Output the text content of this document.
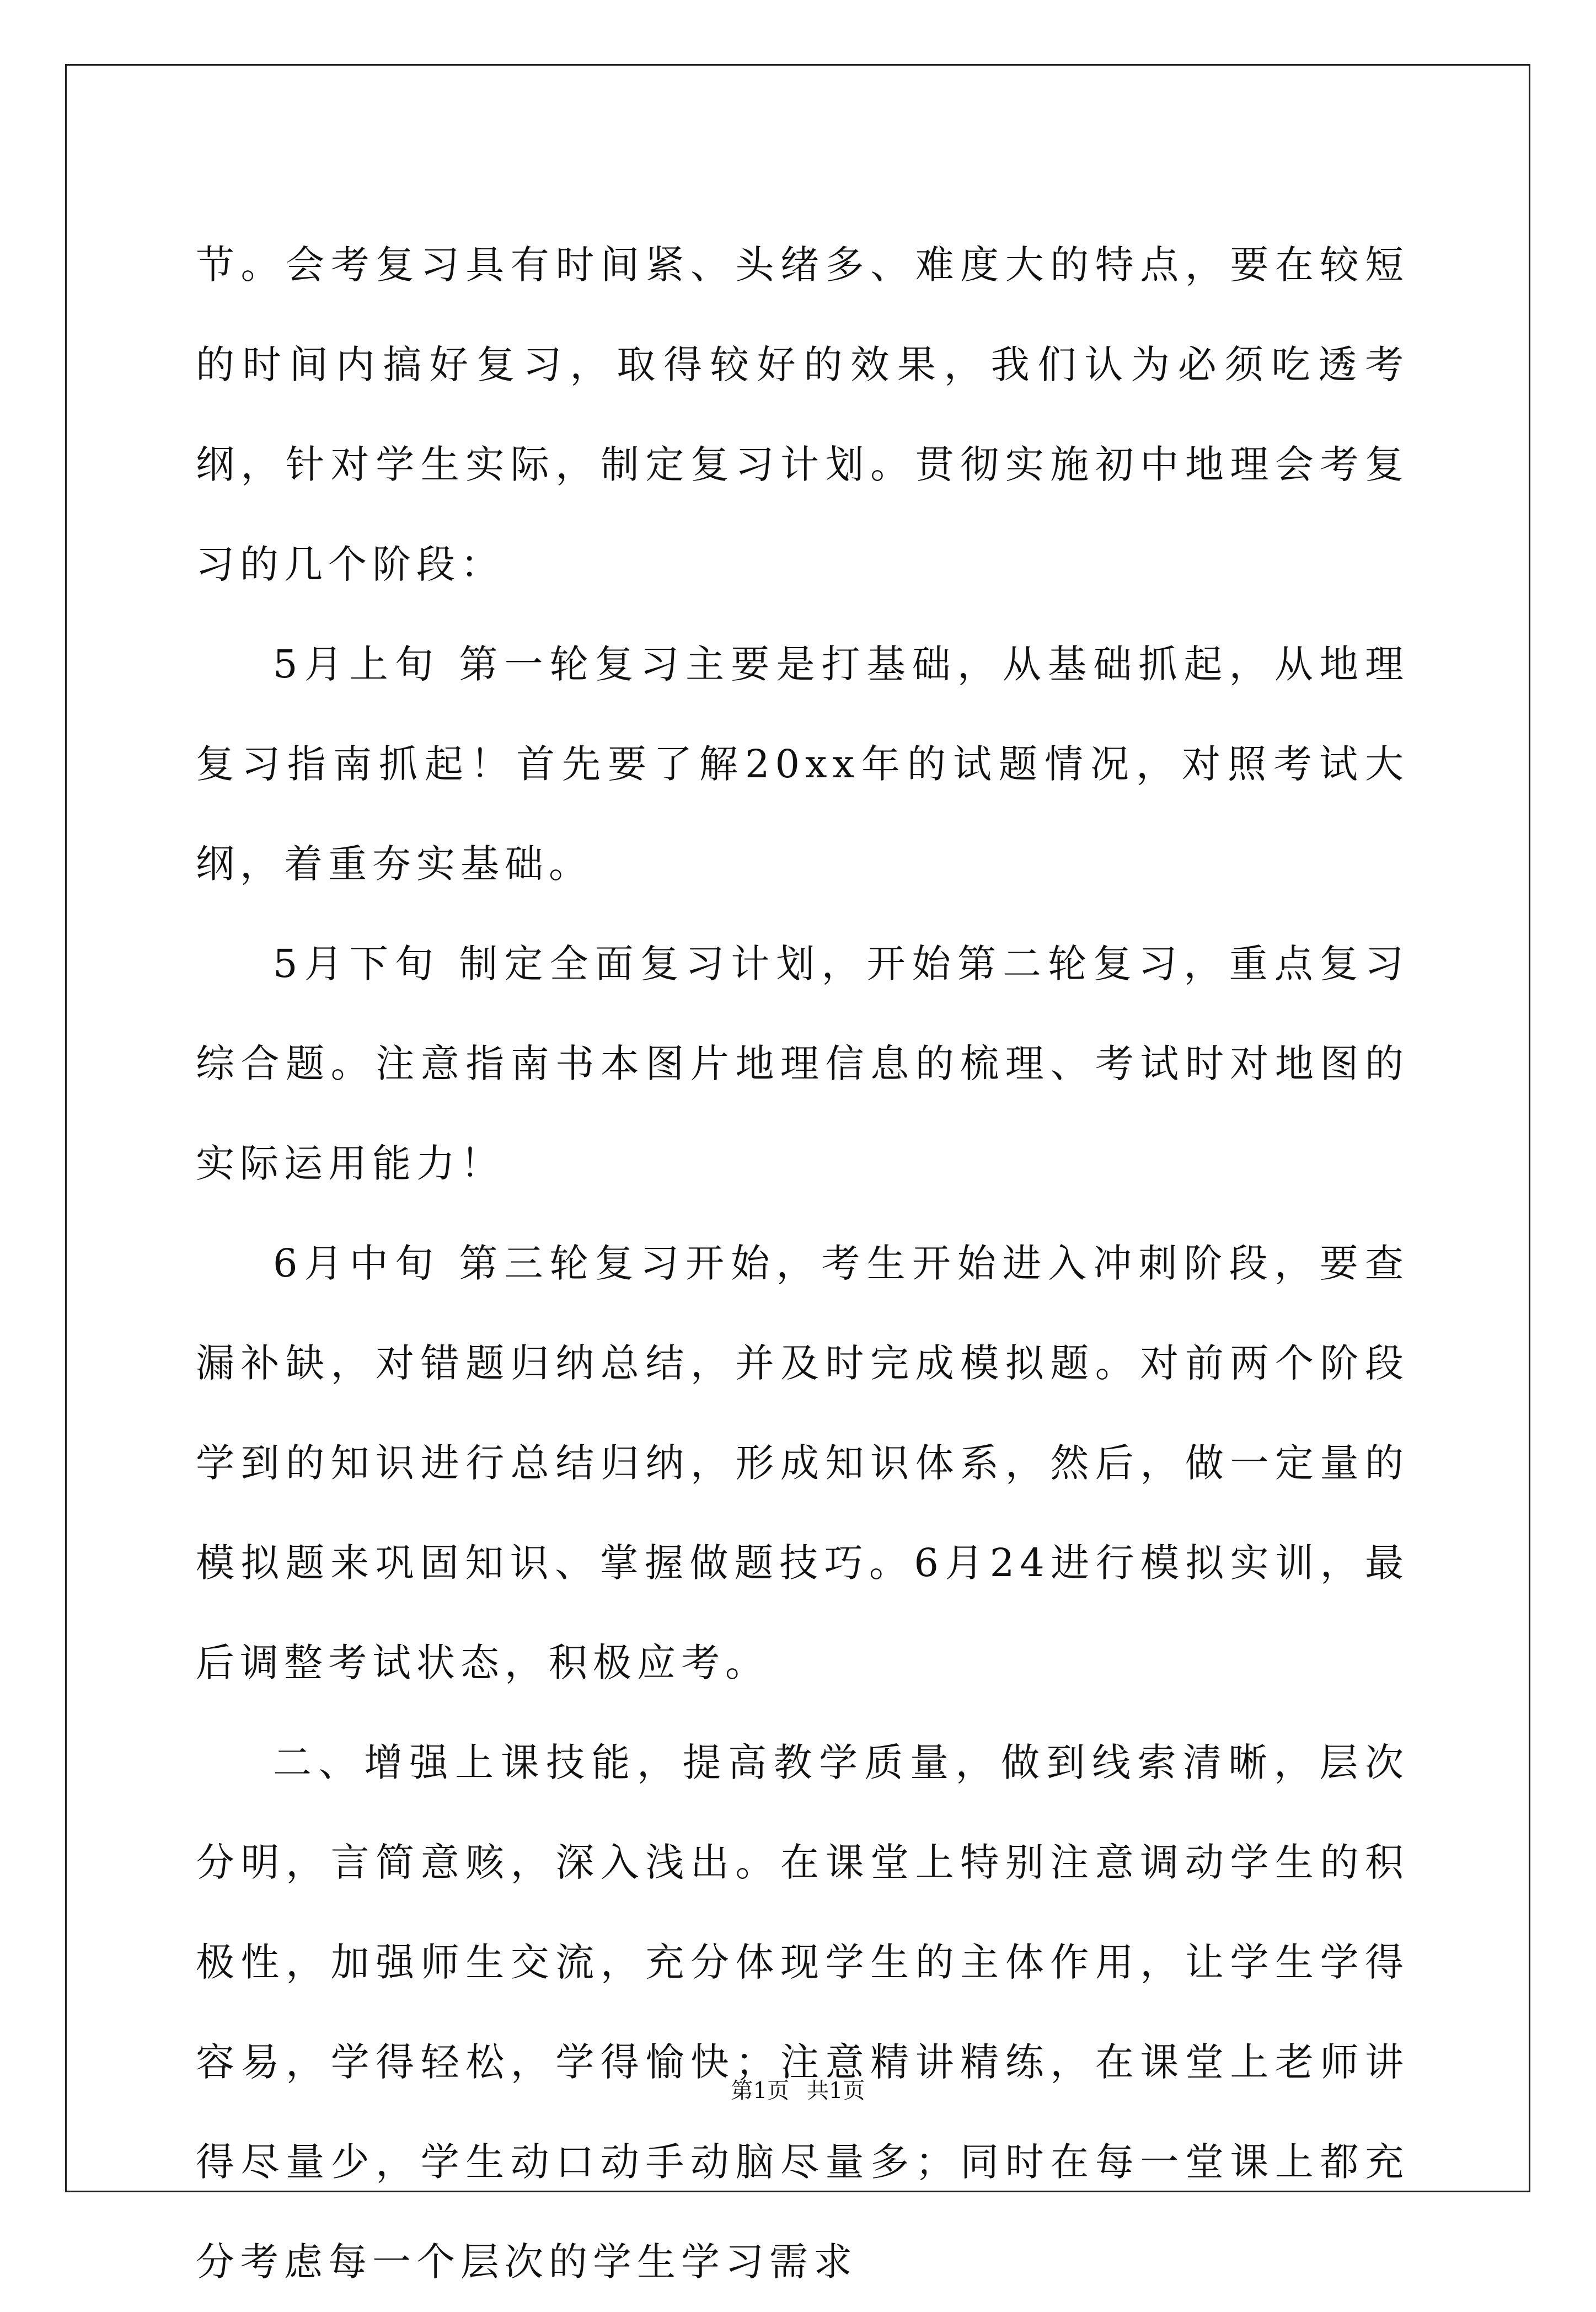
节。会考复习具有时间紧、头绪多、难度大的特点，要在较短的时间内搞好复习，取得较好的效果，我们认为必须吃透考纲，针对学生实际，制定复习计划。贯彻实施初中地理会考复习的几个阶段：

5月上旬 第一轮复习主要是打基础，从基础抓起，从地理复习指南抓起！首先要了解20xx年的试题情况，对照考试大纲，着重夯实基础。

5月下旬 制定全面复习计划，开始第二轮复习，重点复习综合题。注意指南书本图片地理信息的梳理、考试时对地图的实际运用能力！

6月中旬 第三轮复习开始，考生开始进入冲刺阶段，要查漏补缺，对错题归纳总结，并及时完成模拟题。对前两个阶段学到的知识进行总结归纳，形成知识体系，然后，做一定量的模拟题来巩固知识、掌握做题技巧。6月24进行模拟实训，最后调整考试状态，积极应考。

二、增强上课技能，提高教学质量，做到线索清晰，层次分明，言简意赅，深入浅出。在课堂上特别注意调动学生的积极性，加强师生交流，充分体现学生的主体作用，让学生学得容易，学得轻松，学得愉快；注意精讲精练，在课堂上老师讲得尽量少，学生动口动手动脑尽量多；同时在每一堂课上都充分考虑每一个层次的学生学习需求

第1页 共1页
